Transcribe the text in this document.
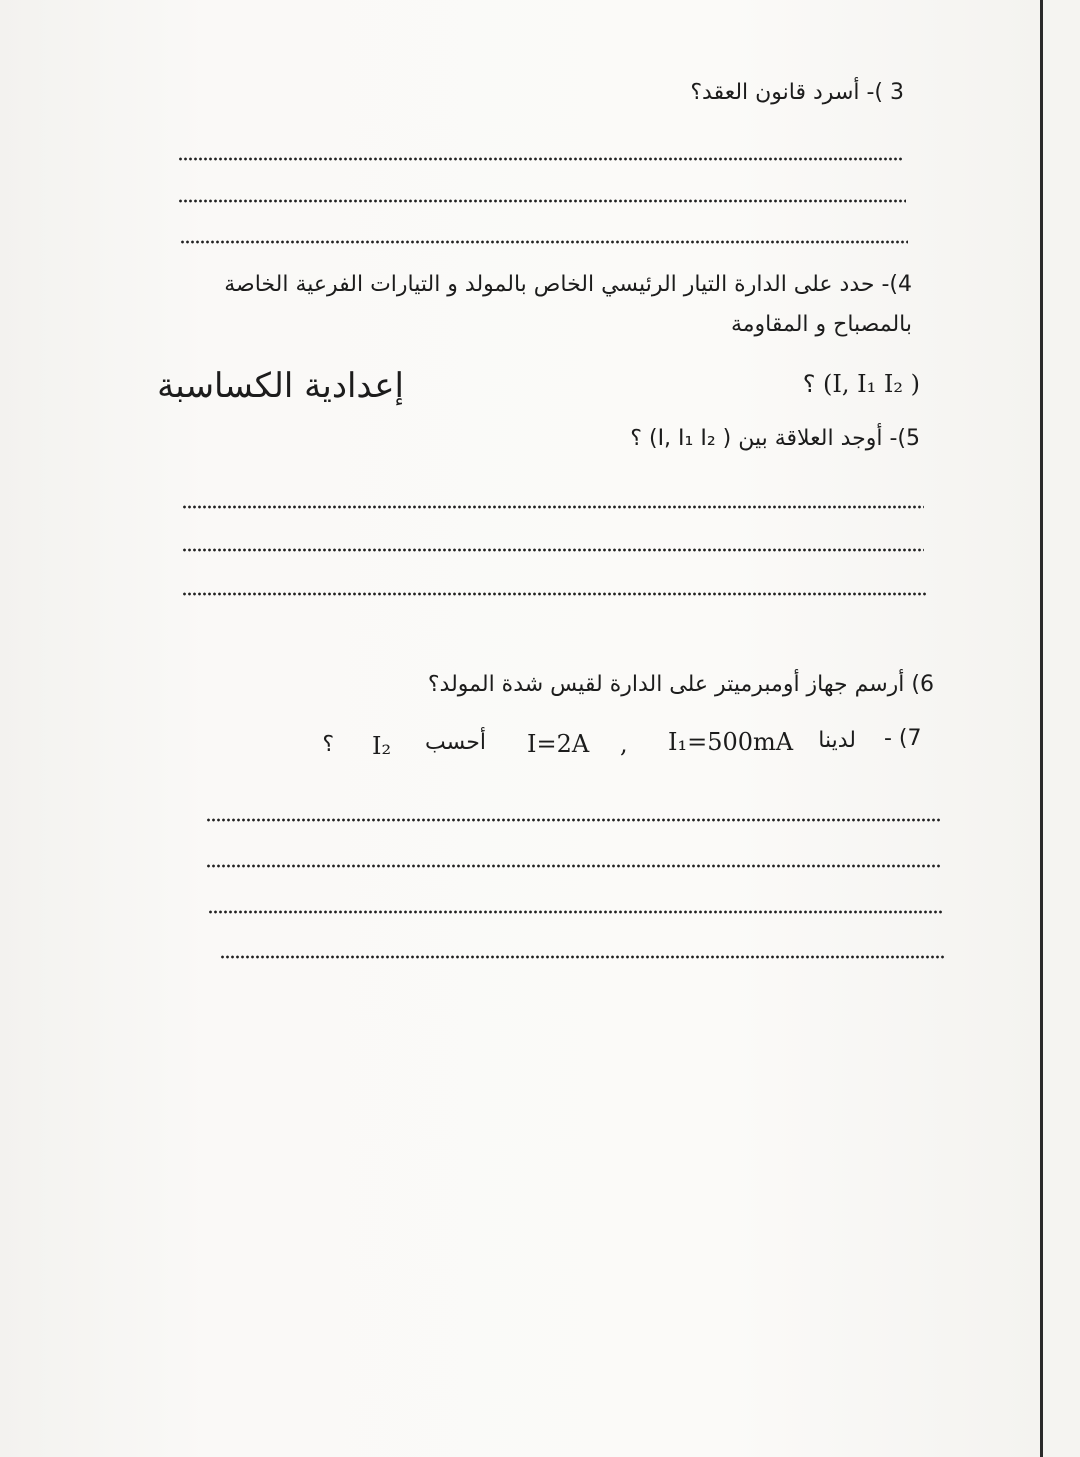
3 )- أسرد قانون العقد؟
4)- حدد على الدارة التيار الرئيسي الخاص بالمولد و التيارات الفرعية الخاصة
بالمصباح و المقاومة
( I, I₁ I₂) ؟
إعدادية الكساسبة
5)- أوجد العلاقة بين ( I, I₁ I₂) ؟
6) أرسم جهاز أومبرميتر على الدارة لقيس شدة المولد؟
7) -
لدينا
I₁=500mA
,
I=2A
أحسب
I₂
؟
